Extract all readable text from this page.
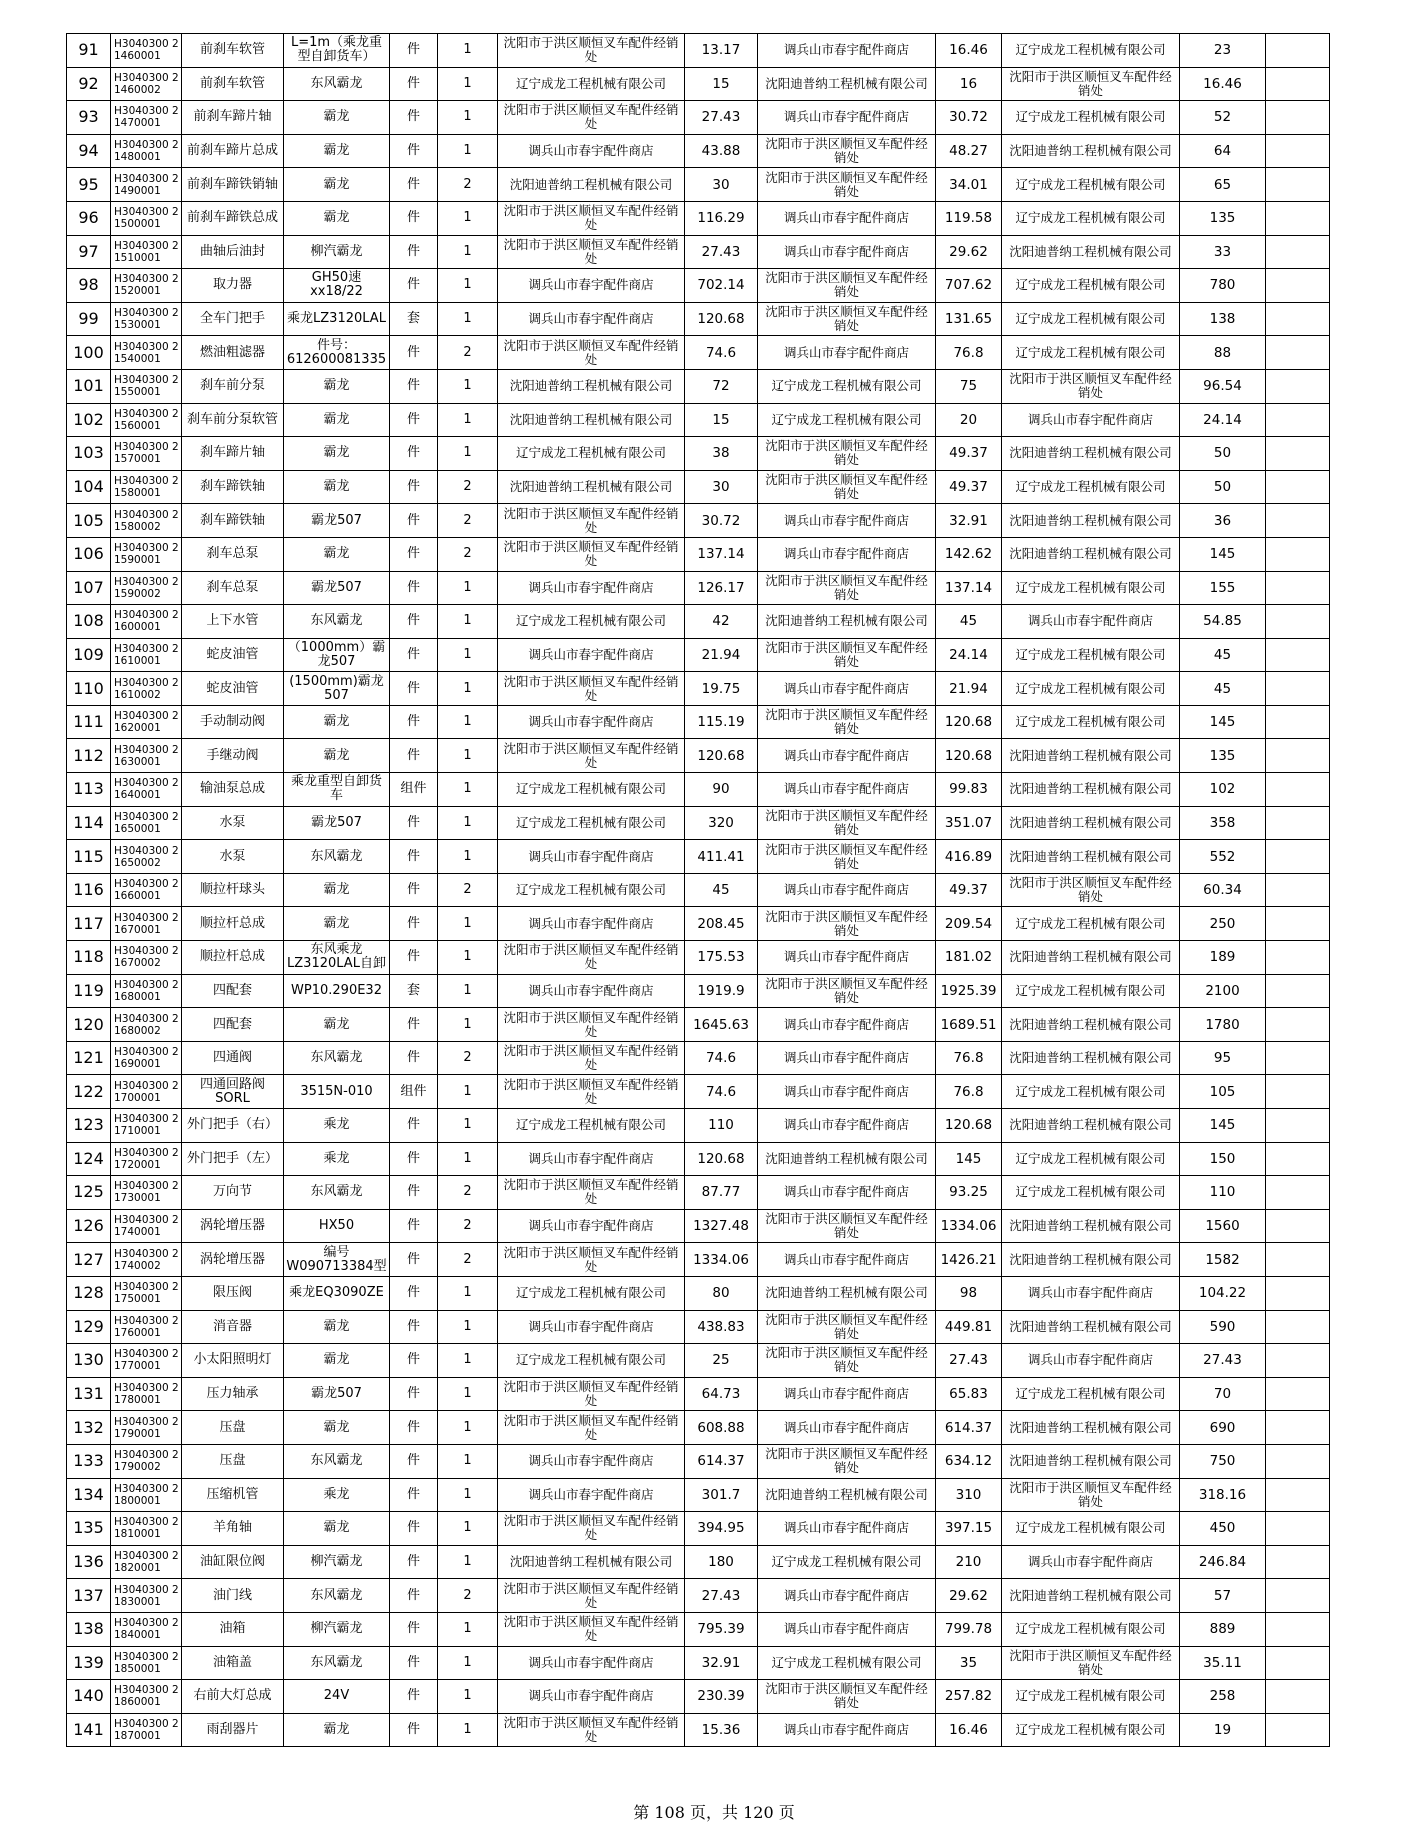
91	H3040300 21460001	前刹车软管	L=1m（乘龙重型自卸货车）	件	1	沈阳市于洪区顺恒叉车配件经销处	13.17	调兵山市春宇配件商店	16.46	辽宁成龙工程机械有限公司	23	
92	H3040300 21460002	前刹车软管	东风霸龙	件	1	辽宁成龙工程机械有限公司	15	沈阳迪普纳工程机械有限公司	16	沈阳市于洪区顺恒叉车配件经销处	16.46	
93	H3040300 21470001	前刹车蹄片轴	霸龙	件	1	沈阳市于洪区顺恒叉车配件经销处	27.43	调兵山市春宇配件商店	30.72	辽宁成龙工程机械有限公司	52	
94	H3040300 21480001	前刹车蹄片总成	霸龙	件	1	调兵山市春宇配件商店	43.88	沈阳市于洪区顺恒叉车配件经销处	48.27	沈阳迪普纳工程机械有限公司	64	
95	H3040300 21490001	前刹车蹄铁销轴	霸龙	件	2	沈阳迪普纳工程机械有限公司	30	沈阳市于洪区顺恒叉车配件经销处	34.01	辽宁成龙工程机械有限公司	65	
96	H3040300 21500001	前刹车蹄铁总成	霸龙	件	1	沈阳市于洪区顺恒叉车配件经销处	116.29	调兵山市春宇配件商店	119.58	辽宁成龙工程机械有限公司	135	
97	H3040300 21510001	曲轴后油封	柳汽霸龙	件	1	沈阳市于洪区顺恒叉车配件经销处	27.43	调兵山市春宇配件商店	29.62	沈阳迪普纳工程机械有限公司	33	
98	H3040300 21520001	取力器	GH50速xx18/22	件	1	调兵山市春宇配件商店	702.14	沈阳市于洪区顺恒叉车配件经销处	707.62	辽宁成龙工程机械有限公司	780	
99	H3040300 21530001	全车门把手	乘龙LZ3120LAL	套	1	调兵山市春宇配件商店	120.68	沈阳市于洪区顺恒叉车配件经销处	131.65	辽宁成龙工程机械有限公司	138	
100	H3040300 21540001	燃油粗滤器	件号：612600081335	件	2	沈阳市于洪区顺恒叉车配件经销处	74.6	调兵山市春宇配件商店	76.8	辽宁成龙工程机械有限公司	88	
101	H3040300 21550001	刹车前分泵	霸龙	件	1	沈阳迪普纳工程机械有限公司	72	辽宁成龙工程机械有限公司	75	沈阳市于洪区顺恒叉车配件经销处	96.54	
102	H3040300 21560001	刹车前分泵软管	霸龙	件	1	沈阳迪普纳工程机械有限公司	15	辽宁成龙工程机械有限公司	20	调兵山市春宇配件商店	24.14	
103	H3040300 21570001	刹车蹄片轴	霸龙	件	1	辽宁成龙工程机械有限公司	38	沈阳市于洪区顺恒叉车配件经销处	49.37	沈阳迪普纳工程机械有限公司	50	
104	H3040300 21580001	刹车蹄铁轴	霸龙	件	2	沈阳迪普纳工程机械有限公司	30	沈阳市于洪区顺恒叉车配件经销处	49.37	辽宁成龙工程机械有限公司	50	
105	H3040300 21580002	刹车蹄铁轴	霸龙507	件	2	沈阳市于洪区顺恒叉车配件经销处	30.72	调兵山市春宇配件商店	32.91	沈阳迪普纳工程机械有限公司	36	
106	H3040300 21590001	刹车总泵	霸龙	件	2	沈阳市于洪区顺恒叉车配件经销处	137.14	调兵山市春宇配件商店	142.62	沈阳迪普纳工程机械有限公司	145	
107	H3040300 21590002	刹车总泵	霸龙507	件	1	调兵山市春宇配件商店	126.17	沈阳市于洪区顺恒叉车配件经销处	137.14	辽宁成龙工程机械有限公司	155	
108	H3040300 21600001	上下水管	东风霸龙	件	1	辽宁成龙工程机械有限公司	42	沈阳迪普纳工程机械有限公司	45	调兵山市春宇配件商店	54.85	
109	H3040300 21610001	蛇皮油管	（1000mm）霸龙507	件	1	调兵山市春宇配件商店	21.94	沈阳市于洪区顺恒叉车配件经销处	24.14	辽宁成龙工程机械有限公司	45	
110	H3040300 21610002	蛇皮油管	(1500mm)霸龙507	件	1	沈阳市于洪区顺恒叉车配件经销处	19.75	调兵山市春宇配件商店	21.94	辽宁成龙工程机械有限公司	45	
111	H3040300 21620001	手动制动阀	霸龙	件	1	调兵山市春宇配件商店	115.19	沈阳市于洪区顺恒叉车配件经销处	120.68	辽宁成龙工程机械有限公司	145	
112	H3040300 21630001	手继动阀	霸龙	件	1	沈阳市于洪区顺恒叉车配件经销处	120.68	调兵山市春宇配件商店	120.68	沈阳迪普纳工程机械有限公司	135	
113	H3040300 21640001	输油泵总成	乘龙重型自卸货车	组件	1	辽宁成龙工程机械有限公司	90	调兵山市春宇配件商店	99.83	沈阳迪普纳工程机械有限公司	102	
114	H3040300 21650001	水泵	霸龙507	件	1	辽宁成龙工程机械有限公司	320	沈阳市于洪区顺恒叉车配件经销处	351.07	沈阳迪普纳工程机械有限公司	358	
115	H3040300 21650002	水泵	东风霸龙	件	1	调兵山市春宇配件商店	411.41	沈阳市于洪区顺恒叉车配件经销处	416.89	沈阳迪普纳工程机械有限公司	552	
116	H3040300 21660001	顺拉杆球头	霸龙	件	2	辽宁成龙工程机械有限公司	45	调兵山市春宇配件商店	49.37	沈阳市于洪区顺恒叉车配件经销处	60.34	
117	H3040300 21670001	顺拉杆总成	霸龙	件	1	调兵山市春宇配件商店	208.45	沈阳市于洪区顺恒叉车配件经销处	209.54	辽宁成龙工程机械有限公司	250	
118	H3040300 21670002	顺拉杆总成	东风乘龙LZ3120LAL自卸	件	1	沈阳市于洪区顺恒叉车配件经销处	175.53	调兵山市春宇配件商店	181.02	沈阳迪普纳工程机械有限公司	189	
119	H3040300 21680001	四配套	WP10.290E32	套	1	调兵山市春宇配件商店	1919.9	沈阳市于洪区顺恒叉车配件经销处	1925.39	辽宁成龙工程机械有限公司	2100	
120	H3040300 21680002	四配套	霸龙	件	1	沈阳市于洪区顺恒叉车配件经销处	1645.63	调兵山市春宇配件商店	1689.51	沈阳迪普纳工程机械有限公司	1780	
121	H3040300 21690001	四通阀	东风霸龙	件	2	沈阳市于洪区顺恒叉车配件经销处	74.6	调兵山市春宇配件商店	76.8	沈阳迪普纳工程机械有限公司	95	
122	H3040300 21700001	四通回路阀SORL	3515N-010	组件	1	沈阳市于洪区顺恒叉车配件经销处	74.6	调兵山市春宇配件商店	76.8	辽宁成龙工程机械有限公司	105	
123	H3040300 21710001	外门把手（右）	乘龙	件	1	辽宁成龙工程机械有限公司	110	调兵山市春宇配件商店	120.68	沈阳迪普纳工程机械有限公司	145	
124	H3040300 21720001	外门把手（左）	乘龙	件	1	调兵山市春宇配件商店	120.68	沈阳迪普纳工程机械有限公司	145	辽宁成龙工程机械有限公司	150	
125	H3040300 21730001	万向节	东风霸龙	件	2	沈阳市于洪区顺恒叉车配件经销处	87.77	调兵山市春宇配件商店	93.25	辽宁成龙工程机械有限公司	110	
126	H3040300 21740001	涡轮增压器	HX50	件	2	调兵山市春宇配件商店	1327.48	沈阳市于洪区顺恒叉车配件经销处	1334.06	沈阳迪普纳工程机械有限公司	1560	
127	H3040300 21740002	涡轮增压器	编号W090713384型	件	2	沈阳市于洪区顺恒叉车配件经销处	1334.06	调兵山市春宇配件商店	1426.21	沈阳迪普纳工程机械有限公司	1582	
128	H3040300 21750001	限压阀	乘龙EQ3090ZE	件	1	辽宁成龙工程机械有限公司	80	沈阳迪普纳工程机械有限公司	98	调兵山市春宇配件商店	104.22	
129	H3040300 21760001	消音器	霸龙	件	1	调兵山市春宇配件商店	438.83	沈阳市于洪区顺恒叉车配件经销处	449.81	沈阳迪普纳工程机械有限公司	590	
130	H3040300 21770001	小太阳照明灯	霸龙	件	1	辽宁成龙工程机械有限公司	25	沈阳市于洪区顺恒叉车配件经销处	27.43	调兵山市春宇配件商店	27.43	
131	H3040300 21780001	压力轴承	霸龙507	件	1	沈阳市于洪区顺恒叉车配件经销处	64.73	调兵山市春宇配件商店	65.83	辽宁成龙工程机械有限公司	70	
132	H3040300 21790001	压盘	霸龙	件	1	沈阳市于洪区顺恒叉车配件经销处	608.88	调兵山市春宇配件商店	614.37	沈阳迪普纳工程机械有限公司	690	
133	H3040300 21790002	压盘	东风霸龙	件	1	调兵山市春宇配件商店	614.37	沈阳市于洪区顺恒叉车配件经销处	634.12	沈阳迪普纳工程机械有限公司	750	
134	H3040300 21800001	压缩机管	乘龙	件	1	调兵山市春宇配件商店	301.7	沈阳迪普纳工程机械有限公司	310	沈阳市于洪区顺恒叉车配件经销处	318.16	
135	H3040300 21810001	羊角轴	霸龙	件	1	沈阳市于洪区顺恒叉车配件经销处	394.95	调兵山市春宇配件商店	397.15	辽宁成龙工程机械有限公司	450	
136	H3040300 21820001	油缸限位阀	柳汽霸龙	件	1	沈阳迪普纳工程机械有限公司	180	辽宁成龙工程机械有限公司	210	调兵山市春宇配件商店	246.84	
137	H3040300 21830001	油门线	东风霸龙	件	2	沈阳市于洪区顺恒叉车配件经销处	27.43	调兵山市春宇配件商店	29.62	沈阳迪普纳工程机械有限公司	57	
138	H3040300 21840001	油箱	柳汽霸龙	件	1	沈阳市于洪区顺恒叉车配件经销处	795.39	调兵山市春宇配件商店	799.78	辽宁成龙工程机械有限公司	889	
139	H3040300 21850001	油箱盖	东风霸龙	件	1	调兵山市春宇配件商店	32.91	辽宁成龙工程机械有限公司	35	沈阳市于洪区顺恒叉车配件经销处	35.11	
140	H3040300 21860001	右前大灯总成	24V	件	1	调兵山市春宇配件商店	230.39	沈阳市于洪区顺恒叉车配件经销处	257.82	辽宁成龙工程机械有限公司	258	
141	H3040300 21870001	雨刮器片	霸龙	件	1	沈阳市于洪区顺恒叉车配件经销处	15.36	调兵山市春宇配件商店	16.46	辽宁成龙工程机械有限公司	19	
第 108 页，共 120 页
